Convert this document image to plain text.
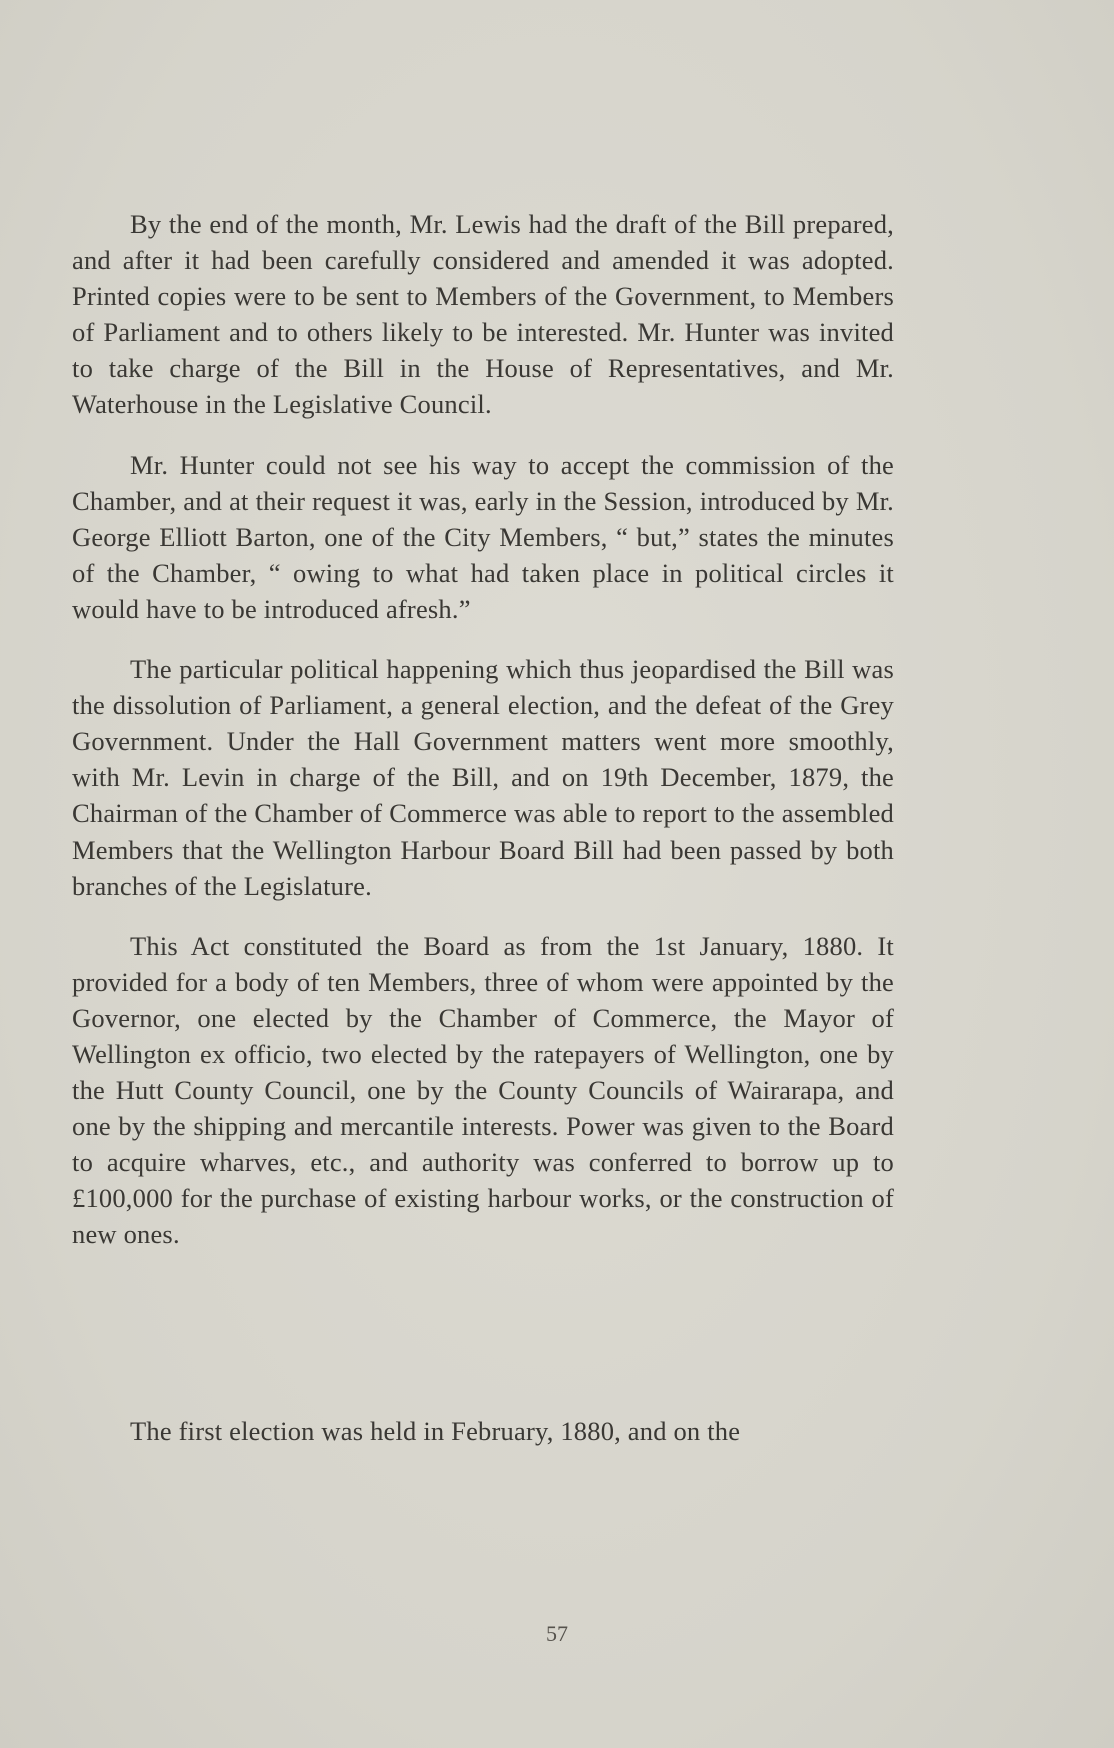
By the end of the month, Mr. Lewis had the draft of the Bill prepared, and after it had been carefully considered and amended it was adopted. Printed copies were to be sent to Members of the Government, to Members of Parliament and to others likely to be interested. Mr. Hunter was invited to take charge of the Bill in the House of Representatives, and Mr. Waterhouse in the Legislative Council.

Mr. Hunter could not see his way to accept the commission of the Chamber, and at their request it was, early in the Session, introduced by Mr. George Elliott Barton, one of the City Members, “ but,” states the minutes of the Chamber, “ owing to what had taken place in political circles it would have to be introduced afresh.”

The particular political happening which thus jeopardised the Bill was the dissolution of Parliament, a general election, and the defeat of the Grey Government. Under the Hall Government matters went more smoothly, with Mr. Levin in charge of the Bill, and on 19th December, 1879, the Chairman of the Chamber of Commerce was able to report to the assembled Members that the Wellington Harbour Board Bill had been passed by both branches of the Legislature.

This Act constituted the Board as from the 1st January, 1880. It provided for a body of ten Members, three of whom were appointed by the Governor, one elected by the Chamber of Commerce, the Mayor of Wellington ex officio, two elected by the ratepayers of Wellington, one by the Hutt County Council, one by the County Councils of Wairarapa, and one by the shipping and mercantile interests. Power was given to the Board to acquire wharves, etc., and authority was conferred to borrow up to £100,000 for the purchase of existing harbour works, or the construction of new ones.

The first election was held in February, 1880, and on the

57
